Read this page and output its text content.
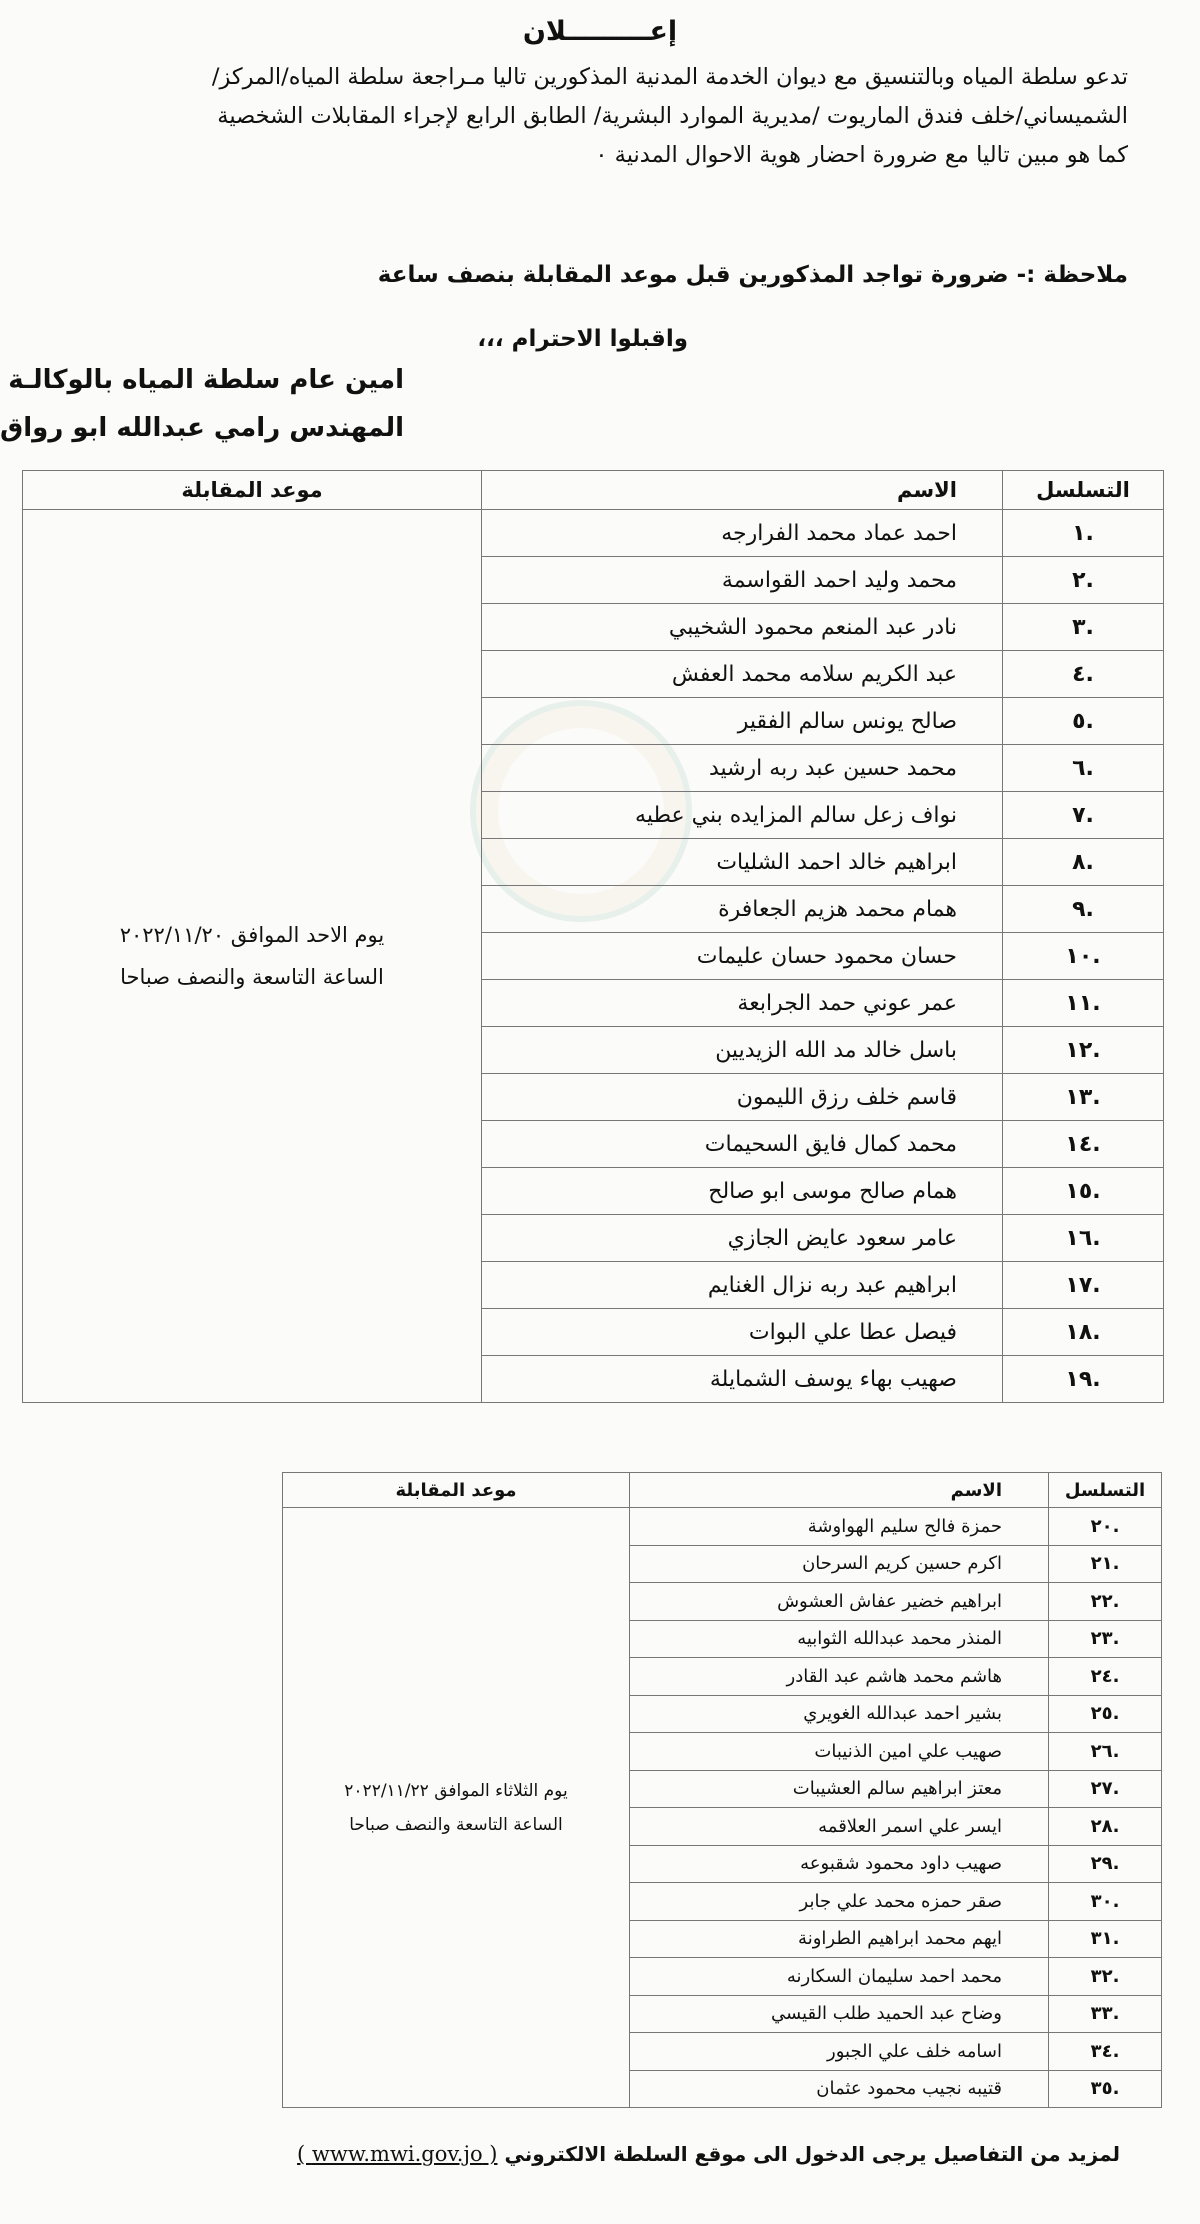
إعـــــــــلان
تدعو سلطة المياه وبالتنسيق مع ديوان الخدمة المدنية المذكورين تاليا مـراجعة سلطة المياه/المركز/
الشميساني/خلف فندق الماريوت /مديرية الموارد البشرية/ الطابق الرابع لإجراء المقابلات الشخصية
كما هو مبين تاليا مع ضرورة احضار هوية الاحوال المدنية ٠
ملاحظة :- ضرورة تواجد المذكورين قبل موعد المقابلة بنصف ساعة
واقبلوا الاحترام ،،،
امين عام سلطة المياه بالوكالـة
المهندس رامي عبدالله ابو رواق
التسلسل	الاسم	موعد المقابلة
.١	احمد عماد محمد الفرارجه	يوم الاحد الموافق ٢٠٢٢/١١/٢٠
الساعة التاسعة والنصف صباحا

.٢	محمد وليد احمد القواسمة	
.٣	نادر عبد المنعم محمود الشخيبي	
.٤	عبد الكريم سلامه محمد العفش	
.٥	صالح يونس سالم الفقير	
.٦	محمد حسين عبد ربه ارشيد	
.٧	نواف زعل سالم المزايده بني عطيه	
.٨	ابراهيم خالد احمد الشليات	
.٩	همام محمد هزيم الجعافرة	
.١٠	حسان محمود حسان عليمات	
.١١	عمر عوني حمد الجرابعة	
.١٢	باسل خالد مد الله الزيديين	
.١٣	قاسم خلف رزق الليمون	
.١٤	محمد كمال فايق السحيمات	
.١٥	همام صالح موسى ابو صالح	
.١٦	عامر سعود عايض الجازي	
.١٧	ابراهيم عبد ربه نزال الغنايم	
.١٨	فيصل عطا علي البوات	
.١٩	صهيب بهاء يوسف الشمايلة	
التسلسل	الاسم	موعد المقابلة
.٢٠	حمزة فالح سليم الهواوشة	يوم الثلاثاء الموافق ٢٠٢٢/١١/٢٢
الساعة التاسعة والنصف صباحا

.٢١	اكرم حسين كريم السرحان	
.٢٢	ابراهيم خضير عفاش العشوش	
.٢٣	المنذر محمد عبدالله الثوابيه	
.٢٤	هاشم محمد هاشم عبد القادر	
.٢٥	بشير احمد عبدالله الغويري	
.٢٦	صهيب علي امين الذنيبات	
.٢٧	معتز ابراهيم سالم العشيبات	
.٢٨	ايسر علي اسمر العلاقمه	
.٢٩	صهيب داود محمود شقبوعه	
.٣٠	صقر حمزه محمد علي جابر	
.٣١	ايهم محمد ابراهيم الطراونة	
.٣٢	محمد احمد سليمان السكارنه	
.٣٣	وضاح عبد الحميد طلب القيسي	
.٣٤	اسامه خلف علي الجبور	
.٣٥	قتيبه نجيب محمود عثمان	
لمزيد من التفاصيل يرجى الدخول الى موقع السلطة الالكتروني ( www.mwi.gov.jo )
